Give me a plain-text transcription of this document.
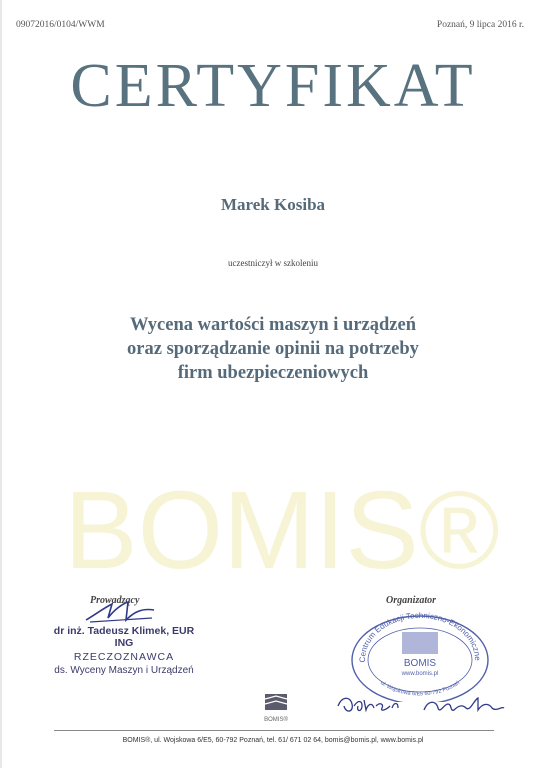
09072016/0104/WWM	Poznań, 9 lipca 2016 r.
BOMIS®
CERTYFIKAT
Marek Kosiba
uczestniczył w szkoleniu
Wycena wartości maszyn i urządzeń
oraz sporządzanie opinii na potrzeby
firm ubezpieczeniowych
Prowadzący
dr inż. Tadeusz Klimek, EUR ING
RZECZOZNAWCA
ds. Wyceny Maszyn i Urządzeń
Organizator
Centrum Edukacji Techniczno-Ekonomiczne
ul. Wojskowa 6/E5 60-792 Poznań
BOMIS
www.bomis.pl
BOMIS®
BOMIS®, ul. Wojskowa 6/E5, 60-792 Poznań, tel. 61/ 671 02 64, bomis@bomis.pl, www.bomis.pl
